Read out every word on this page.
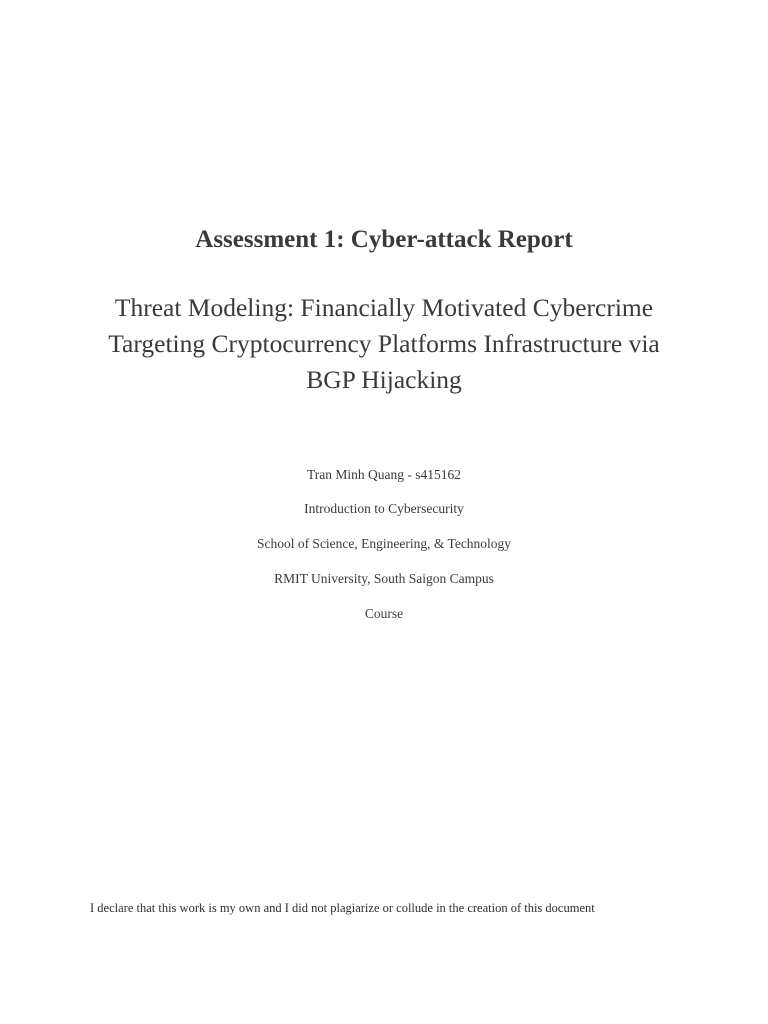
Assessment 1: Cyber-attack Report
Threat Modeling: Financially Motivated Cybercrime
Targeting Cryptocurrency Platforms Infrastructure via
BGP Hijacking
Tran Minh Quang - s415162
Introduction to Cybersecurity
School of Science, Engineering, & Technology
RMIT University, South Saigon Campus
Course
I declare that this work is my own and I did not plagiarize or collude in the creation of this document
